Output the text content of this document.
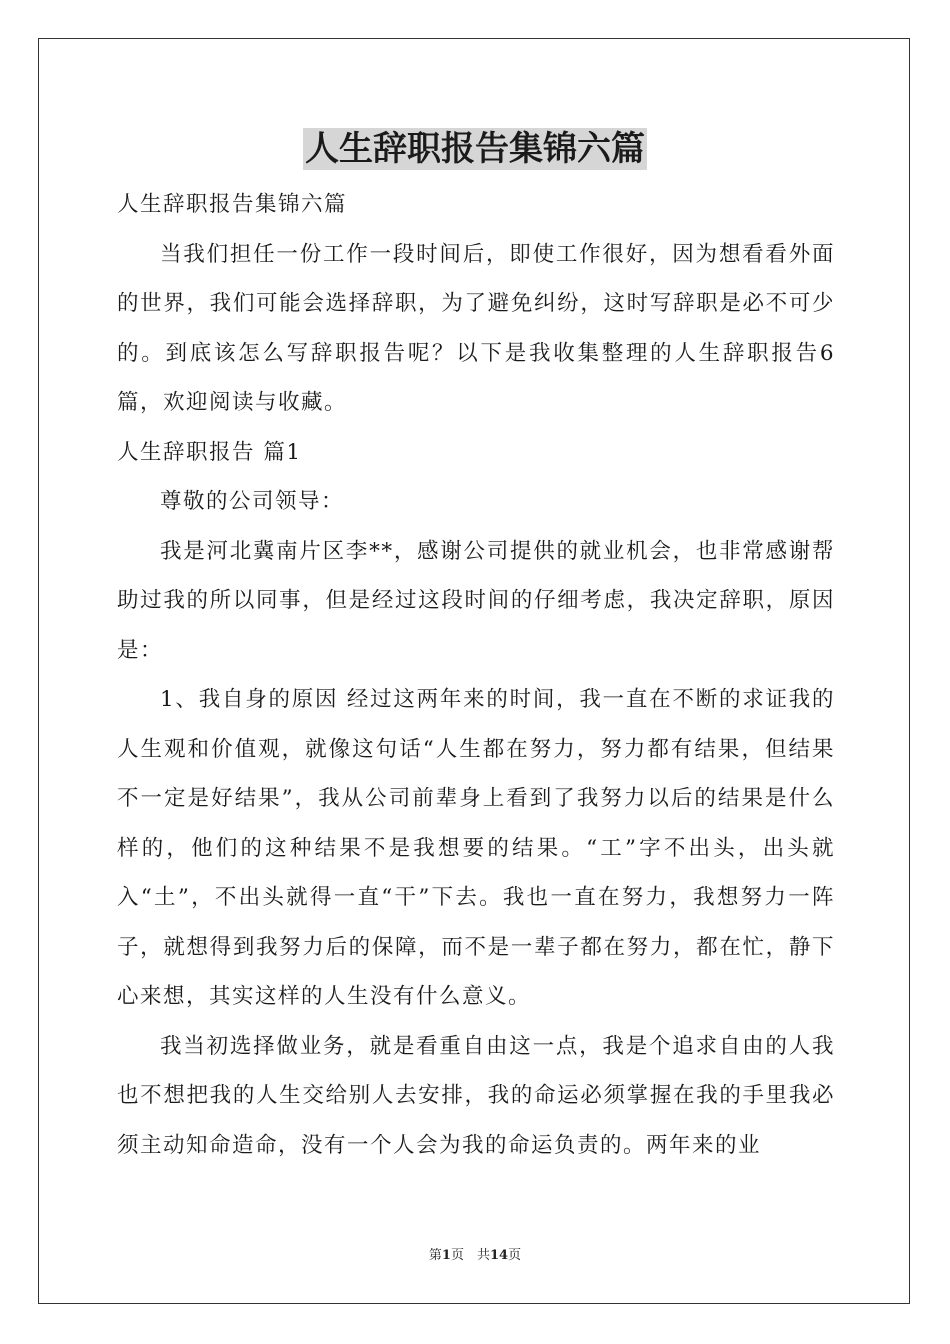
人生辞职报告集锦六篇

人生辞职报告集锦六篇

当我们担任一份工作一段时间后，即使工作很好，因为想看看外面的世界，我们可能会选择辞职，为了避免纠纷，这时写辞职是必不可少的。到底该怎么写辞职报告呢？以下是我收集整理的人生辞职报告6篇，欢迎阅读与收藏。

人生辞职报告 篇1

尊敬的公司领导：

我是河北冀南片区李**，感谢公司提供的就业机会，也非常感谢帮助过我的所以同事，但是经过这段时间的仔细考虑，我决定辞职，原因是：

1、我自身的原因 经过这两年来的时间，我一直在不断的求证我的人生观和价值观，就像这句话“人生都在努力，努力都有结果，但结果不一定是好结果”，我从公司前辈身上看到了我努力以后的结果是什么样的，他们的这种结果不是我想要的结果。“工”字不出头，出头就入“土”，不出头就得一直“干”下去。我也一直在努力，我想努力一阵子，就想得到我努力后的保障，而不是一辈子都在努力，都在忙，静下心来想，其实这样的人生没有什么意义。

我当初选择做业务，就是看重自由这一点，我是个追求自由的人我也不想把我的人生交给别人去安排，我的命运必须掌握在我的手里我必须主动知命造命，没有一个人会为我的命运负责的。两年来的业

第1页　共14页
